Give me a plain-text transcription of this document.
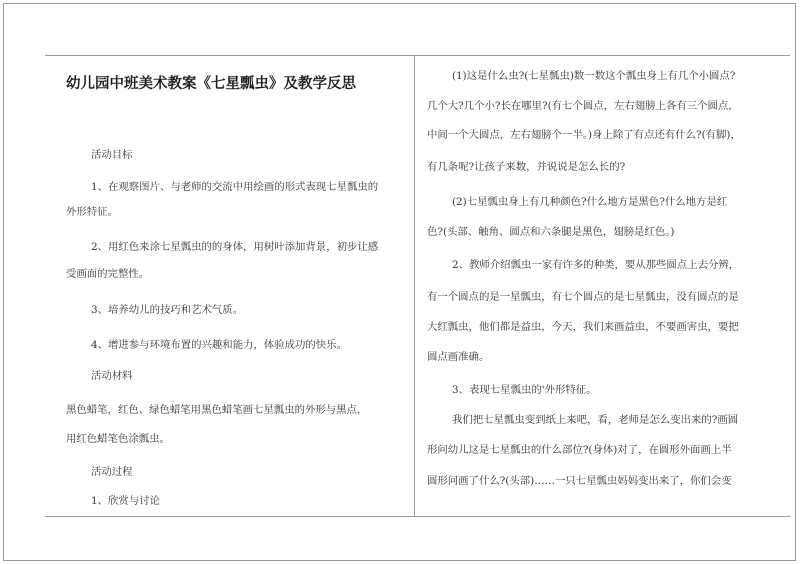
幼儿园中班美术教案《七星瓢虫》及教学反思
活动目标
1、在观察图片、与老师的交流中用绘画的形式表现七星瓢虫的
外形特征。
2、用红色来涂七星瓢虫的的身体，用树叶添加背景，初步让感
受画面的完整性。
3、培养幼儿的技巧和艺术气质。
4、增进参与环境布置的兴趣和能力，体验成功的快乐。
活动材料
黑色蜡笔，红色、绿色蜡笔用黑色蜡笔画七星瓢虫的外形与黑点，
用红色蜡笔色涂瓢虫。
活动过程
1、欣赏与讨论
(1)这是什么虫?(七星瓢虫)数一数这个瓢虫身上有几个小圆点?
几个大?几个小?长在哪里?(有七个圆点，左右翅膀上各有三个圆点，
中间一个大圆点，左右翅膀个一半。)身上除了有点还有什么?(有脚)，
有几条呢?让孩子来数，并说说是怎么长的?
(2)七星瓢虫身上有几种颜色?什么地方是黑色?什么地方是红
色?(头部、触角、圆点和六条腿是黑色，翅膀是红色。)
2、教师介绍瓢虫一家有许多的种类，要从那些圆点上去分辨，
有一个圆点的是一星瓢虫，有七个圆点的是七星瓢虫，没有圆点的是
大红瓢虫，他们都是益虫，今天，我们来画益虫，不要画害虫，要把
圆点画准确。
3、表现七星瓢虫的'外形特征。
我们把七星瓢虫变到纸上来吧，看，老师是怎么变出来的?画圆
形问幼儿这是七星瓢虫的什么部位?(身体)对了，在圆形外面画上半
圆形问画了什么?(头部)……一只七星瓢虫妈妈变出来了，你们会变
